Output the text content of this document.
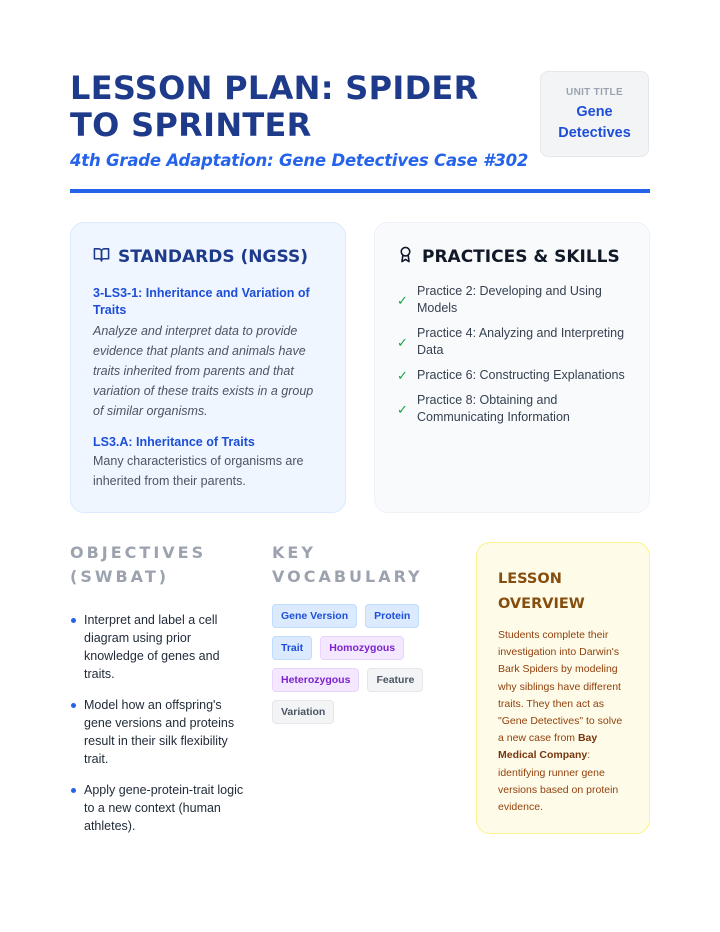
LESSON PLAN: SPIDER TO SPRINTER
4th Grade Adaptation: Gene Detectives Case #302
UNIT TITLE
Gene Detectives
STANDARDS (NGSS)
3-LS3-1: Inheritance and Variation of Traits
Analyze and interpret data to provide evidence that plants and animals have traits inherited from parents and that variation of these traits exists in a group of similar organisms.
LS3.A: Inheritance of Traits
Many characteristics of organisms are inherited from their parents.
PRACTICES & SKILLS
✓
Practice 2: Developing and Using Models
✓
Practice 4: Analyzing and Interpreting Data
✓ Practice 6: Constructing Explanations
✓
Practice 8: Obtaining and Communicating Information
OBJECTIVES (SWBAT)
Interpret and label a cell diagram using prior knowledge of genes and traits.
Model how an offspring's gene versions and proteins result in their silk flexibility trait.
Apply gene-protein-trait logic to a new context (human athletes).
KEY VOCABULARY
Gene Version	Protein
Trait	Homozygous
Heterozygous	Feature
Variation
LESSON OVERVIEW

Students complete their investigation into Darwin's Bark Spiders by modeling why siblings have different traits. They then act as "Gene Detectives" to solve a new case from Bay Medical Company: identifying runner gene versions based on protein evidence.
